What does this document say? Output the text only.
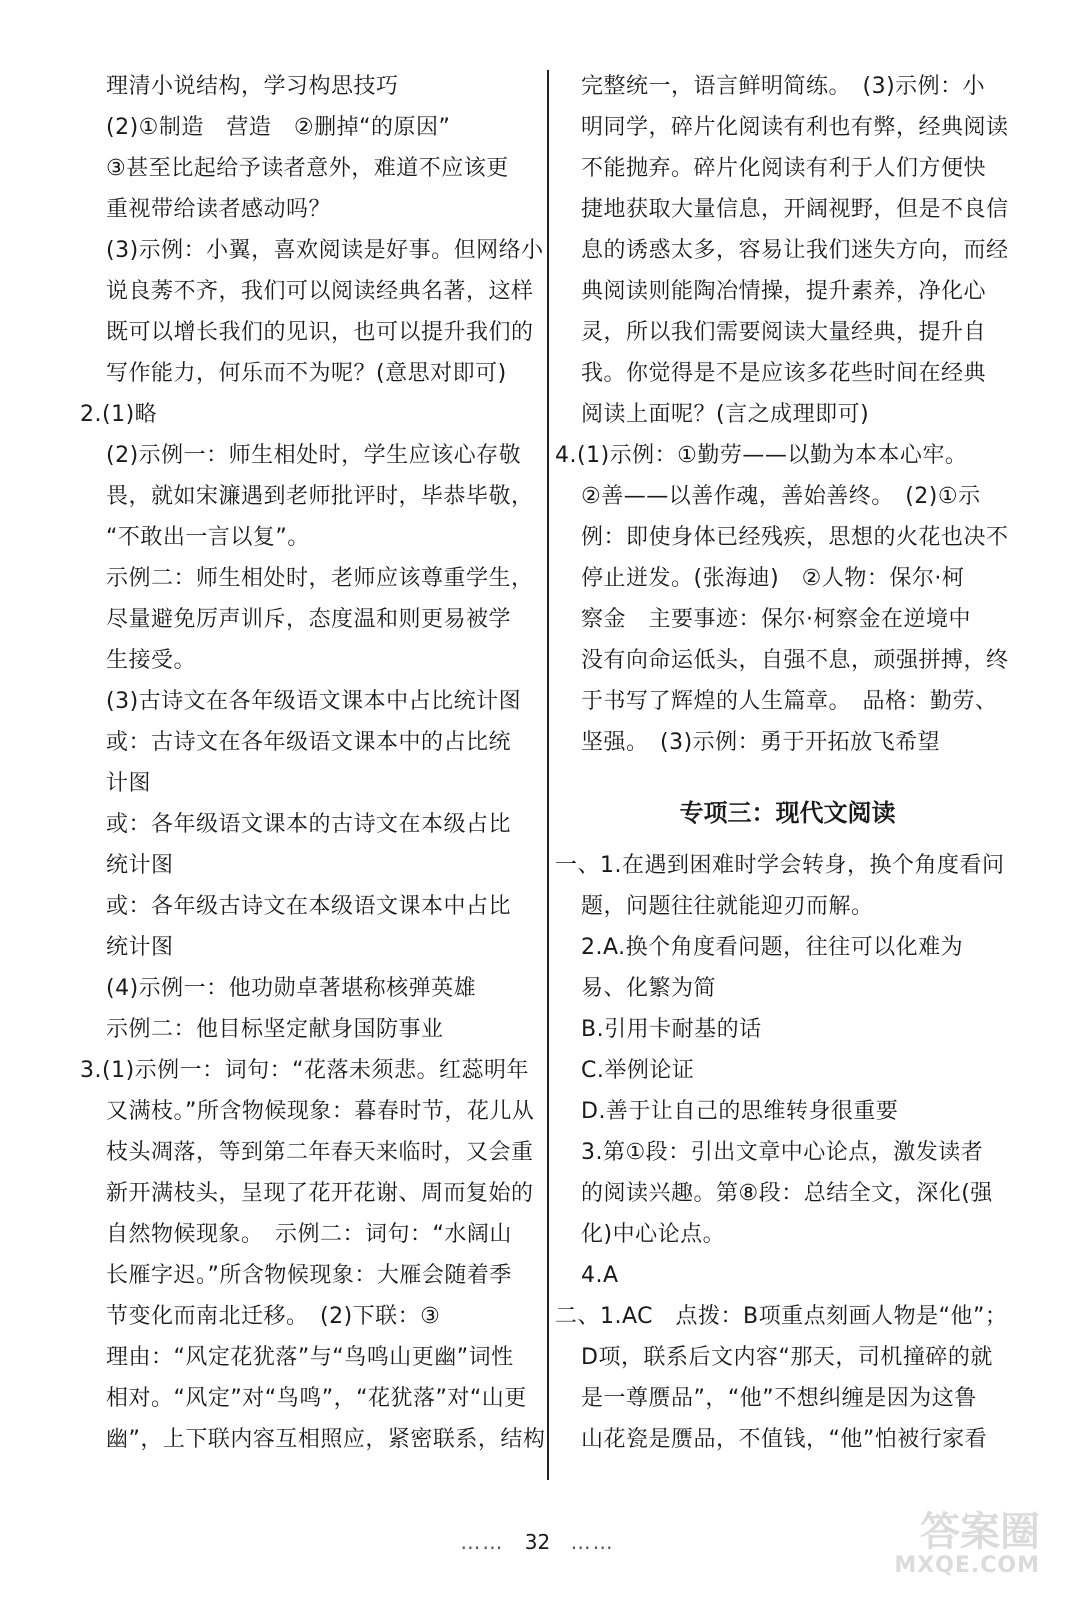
理清小说结构，学习构思技巧
(2)①制造　营造　②删掉“的原因”
③甚至比起给予读者意外，难道不应该更
重视带给读者感动吗？
(3)示例：小翼，喜欢阅读是好事。但网络小
说良莠不齐，我们可以阅读经典名著，这样
既可以增长我们的见识，也可以提升我们的
写作能力，何乐而不为呢？(意思对即可)
2.(1)略
(2)示例一：师生相处时，学生应该心存敬
畏，就如宋濂遇到老师批评时，毕恭毕敬，
“不敢出一言以复”。
示例二：师生相处时，老师应该尊重学生，
尽量避免厉声训斥，态度温和则更易被学
生接受。
(3)古诗文在各年级语文课本中占比统计图
或：古诗文在各年级语文课本中的占比统
计图
或：各年级语文课本的古诗文在本级占比
统计图
或：各年级古诗文在本级语文课本中占比
统计图
(4)示例一：他功勋卓著堪称核弹英雄
示例二：他目标坚定献身国防事业
3.(1)示例一：词句：“花落未须悲。红蕊明年
又满枝。”所含物候现象：暮春时节，花儿从
枝头凋落，等到第二年春天来临时，又会重
新开满枝头，呈现了花开花谢、周而复始的
自然物候现象。　示例二：词句：“水阔山
长雁字迟。”所含物候现象：大雁会随着季
节变化而南北迁移。　(2)下联：③
理由：“风定花犹落”与“鸟鸣山更幽”词性
相对。“风定”对“鸟鸣”，“花犹落”对“山更
幽”，上下联内容互相照应，紧密联系，结构
完整统一，语言鲜明简练。　(3)示例：小
明同学，碎片化阅读有利也有弊，经典阅读
不能抛弃。碎片化阅读有利于人们方便快
捷地获取大量信息，开阔视野，但是不良信
息的诱惑太多，容易让我们迷失方向，而经
典阅读则能陶冶情操，提升素养，净化心
灵，所以我们需要阅读大量经典，提升自
我。你觉得是不是应该多花些时间在经典
阅读上面呢？(言之成理即可)
4.(1)示例：①勤劳——以勤为本本心牢。
②善——以善作魂，善始善终。　(2)①示
例：即使身体已经残疾，思想的火花也决不
停止迸发。(张海迪)　②人物：保尔·柯
察金　主要事迹：保尔·柯察金在逆境中
没有向命运低头，自强不息，顽强拼搏，终
于书写了辉煌的人生篇章。　品格：勤劳、
坚强。　(3)示例：勇于开拓放飞希望
专项三：现代文阅读
一、1.在遇到困难时学会转身，换个角度看问
题，问题往往就能迎刃而解。
2.A.换个角度看问题，往往可以化难为
易、化繁为简
B.引用卡耐基的话
C.举例论证
D.善于让自己的思维转身很重要
3.第①段：引出文章中心论点，激发读者
的阅读兴趣。第⑧段：总结全文，深化(强
化)中心论点。
4.A
二、1.AC　点拨：B项重点刻画人物是“他”；
D项，联系后文内容“那天，司机撞碎的就
是一尊赝品”，“他”不想纠缠是因为这鲁
山花瓷是赝品，不值钱，“他”怕被行家看
…… 32 ……	答案圈
MXQE.COM
